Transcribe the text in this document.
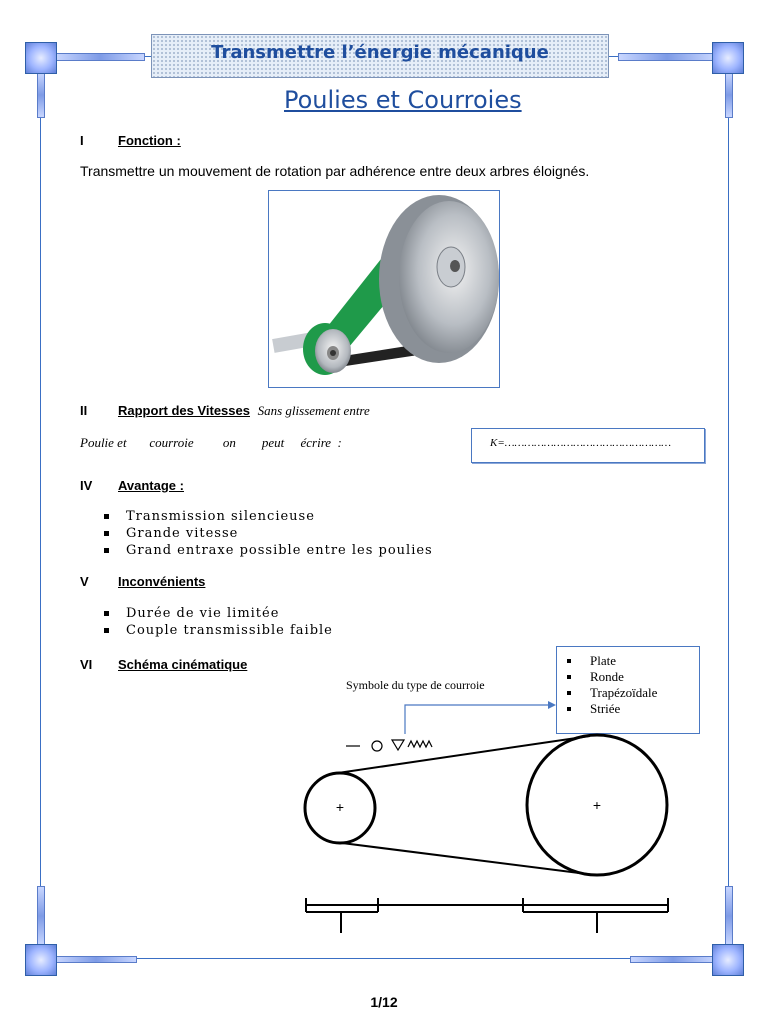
Transmettre l’énergie mécanique
Poulies et Courroies
I	Fonction :
Transmettre un mouvement de rotation par adhérence entre deux arbres éloignés.
II Rapport des Vitesses Sans glissement entre
Poulie et       courroie         on        peut     écrire  :	K=……………………………………………
IV Avantage :
Transmission silencieuse
Grande vitesse
Grand entraxe possible entre les poulies
V Inconvénients
Durée de vie limitée
Couple transmissible faible
VI Schéma cinématique	Plate
Ronde
Trapézoïdale
Striée
Symbole du type de courroie
+	+
1/12
